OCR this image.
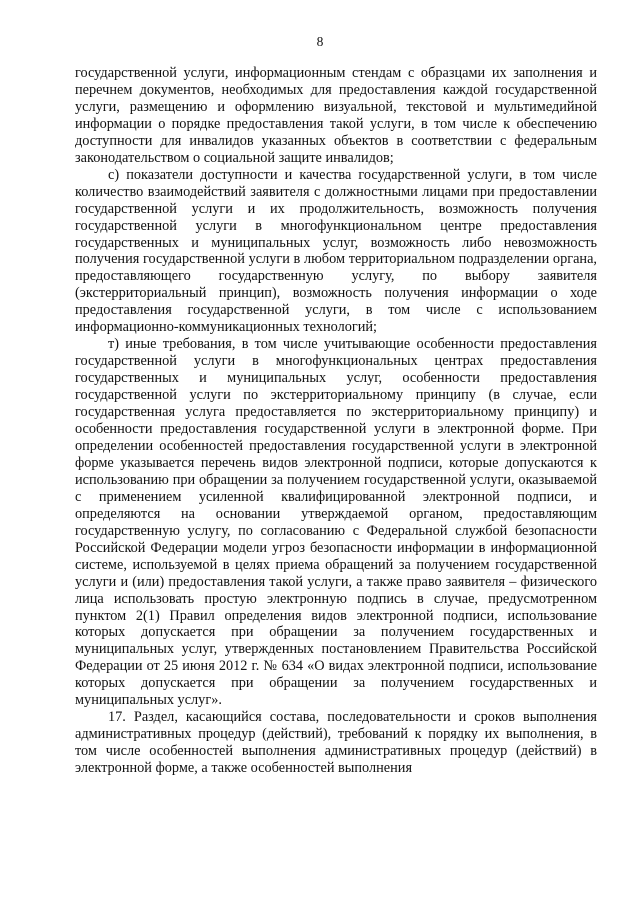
8

государственной услуги, информационным стендам с образцами их заполнения и перечнем документов, необходимых для предоставления каждой государственной услуги, размещению и оформлению визуальной, текстовой и мультимедийной информации о порядке предоставления такой услуги, в том числе к обеспечению доступности для инвалидов указанных объектов в соответствии с федеральным законодательством о социальной защите инвалидов;

с) показатели доступности и качества государственной услуги, в том числе количество взаимодействий заявителя с должностными лицами при предоставлении государственной услуги и их продолжительность, возможность получения государственной услуги в многофункциональном центре предоставления государственных и муниципальных услуг, возможность либо невозможность получения государственной услуги в любом территориальном подразделении органа, предоставляющего государственную услугу, по выбору заявителя (экстерриториальный принцип), возможность получения информации о ходе предоставления государственной услуги, в том числе с использованием информационно-коммуникационных технологий;

т) иные требования, в том числе учитывающие особенности предоставления государственной услуги в многофункциональных центрах предоставления государственных и муниципальных услуг, особенности предоставления государственной услуги по экстерриториальному принципу (в случае, если государственная услуга предоставляется по экстерриториальному принципу) и особенности предоставления государственной услуги в электронной форме. При определении особенностей предоставления государственной услуги в электронной форме указывается перечень видов электронной подписи, которые допускаются к использованию при обращении за получением государственной услуги, оказываемой с применением усиленной квалифицированной электронной подписи, и определяются на основании утверждаемой органом, предоставляющим государственную услугу, по согласованию с Федеральной службой безопасности Российской Федерации модели угроз безопасности информации в информационной системе, используемой в целях приема обращений за получением государственной услуги и (или) предоставления такой услуги, а также право заявителя – физического лица использовать простую электронную подпись в случае, предусмотренном пунктом 2(1) Правил определения видов электронной подписи, использование которых допускается при обращении за получением государственных и муниципальных услуг, утвержденных постановлением Правительства Российской Федерации от 25 июня 2012 г. № 634 «О видах электронной подписи, использование которых допускается при обращении за получением государственных и муниципальных услуг».

17. Раздел, касающийся состава, последовательности и сроков выполнения административных процедур (действий), требований к порядку их выполнения, в том числе особенностей выполнения административных процедур (действий) в электронной форме, а также особенностей выполнения
